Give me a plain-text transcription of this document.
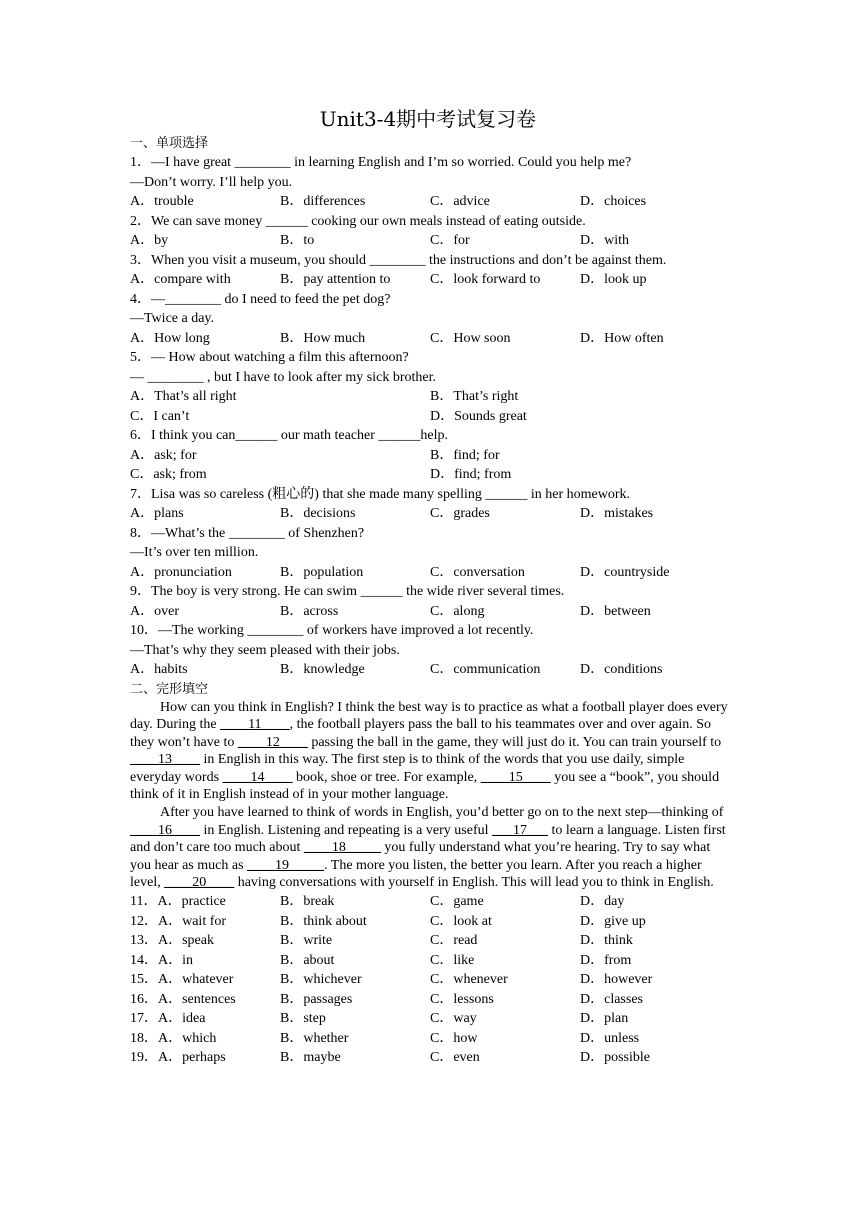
Unit3-4期中考试复习卷
一、单项选择
1．—I have great ________ in learning English and I’m so worried. Could you help me?
—Don’t worry. I’ll help you.
A．trouble	B．differences	C．advice	D．choices
2．We can save money ______ cooking our own meals instead of eating outside.
A．by	B．to	C．for	D．with
3．When you visit a museum, you should ________ the instructions and don’t be against them.
A．compare with	B．pay attention to	C．look forward to	D．look up
4．—________ do I need to feed the pet dog?
—Twice a day.
A．How long	B．How much	C．How soon	D．How often
5．— How about watching a film this afternoon?
— ________ , but I have to look after my sick brother.
A．That’s all right	B．That’s right
C．I can’t	D．Sounds great
6．I think you can______ our math teacher ______help.
A．ask; for	B．find; for
C．ask; from	D．find; from
7．Lisa was so careless (粗心的) that she made many spelling ______ in her homework.
A．plans	B．decisions	C．grades	D．mistakes
8．—What’s the ________ of Shenzhen?
—It’s over ten million.
A．pronunciation	B．population	C．conversation	D．countryside
9．The boy is very strong. He can swim ______ the wide river several times.
A．over	B．across	C．along	D．between
10．—The working ________ of workers have improved a lot recently.
—That’s why they seem pleased with their jobs.
A．habits	B．knowledge	C．communication	D．conditions
二、完形填空

How can you think in English? I think the best way is to practice as what a football player does every day. During the ____11____, the football players pass the ball to his teammates over and over again. So they won’t have to ____12____ passing the ball in the game, they will just do it. You can train yourself to ____13____ in English in this way. The first step is to think of the words that you use daily, simple everyday words ____14____ book, shoe or tree. For example, ____15____ you see a “book”, you should think of it in English instead of in your mother language.

After you have learned to think of words in English, you’d better go on to the next step—thinking of ____16____ in English. Listening and repeating is a very useful ___17___ to learn a language. Listen first and don’t care too much about ____18_____ you fully understand what you’re hearing. Try to say what you hear as much as ____19_____. The more you listen, the better you learn. After you reach a higher level, ____20____ having conversations with yourself in English. This will lead you to think in English.

11．A．practice	B．break	C．game	D．day
12．A．wait for	B．think about	C．look at	D．give up
13．A．speak	B．write	C．read	D．think
14．A．in	B．about	C．like	D．from
15．A．whatever	B．whichever	C．whenever	D．however
16．A．sentences	B．passages	C．lessons	D．classes
17．A．idea	B．step	C．way	D．plan
18．A．which	B．whether	C．how	D．unless
19．A．perhaps	B．maybe	C．even	D．possible
